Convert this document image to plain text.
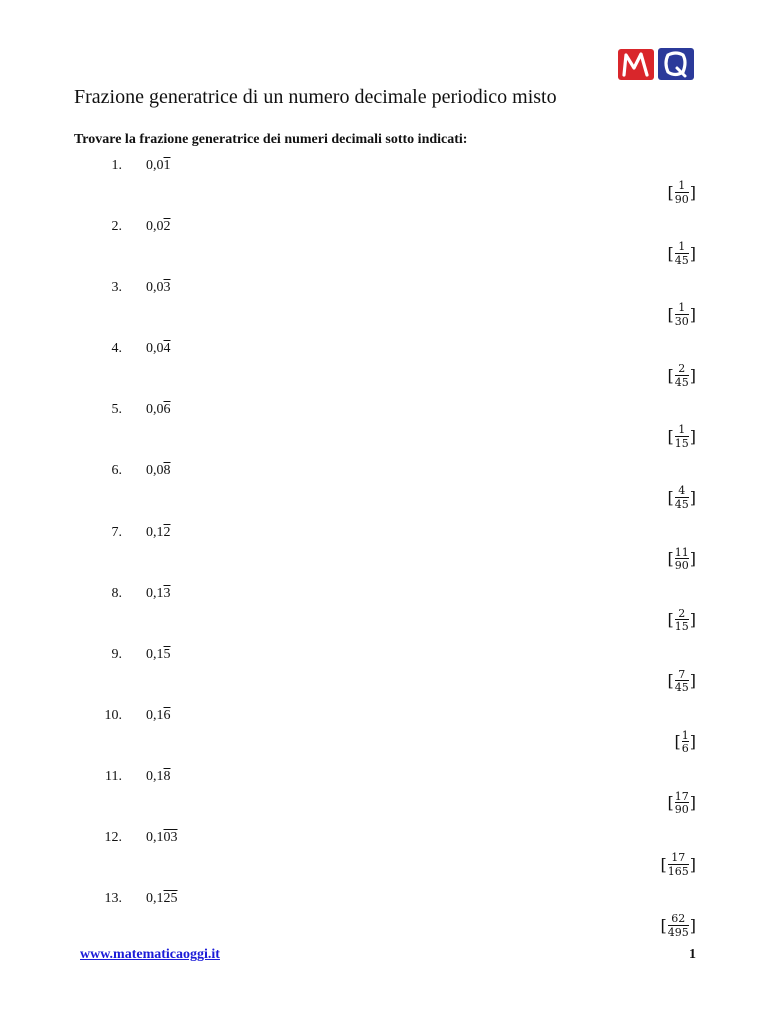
Frazione generatrice di un numero decimale periodico misto
Trovare la frazione generatrice dei numeri decimali sotto indicati:
1. 0,01
[ $\frac{1}{90}$ ]
2. 0,02
[ $\frac{1}{45}$ ]
3. 0,03
[ $\frac{1}{30}$ ]
4. 0,04
[ $\frac{2}{45}$ ]
5. 0,06
[ $\frac{1}{15}$ ]
6. 0,08
[ $\frac{4}{45}$ ]
7. 0,12
[ $\frac{11}{90}$ ]
8. 0,13
[ $\frac{2}{15}$ ]
9. 0,15
[ $\frac{7}{45}$ ]
10. 0,16
[ $\frac{1}{6}$ ]
11. 0,18
[ $\frac{17}{90}$ ]
12. 0,103
[ $\frac{17}{165}$ ]
13. 0,125
[ $\frac{62}{495}$ ]
www.matematicaoggi.it	1
